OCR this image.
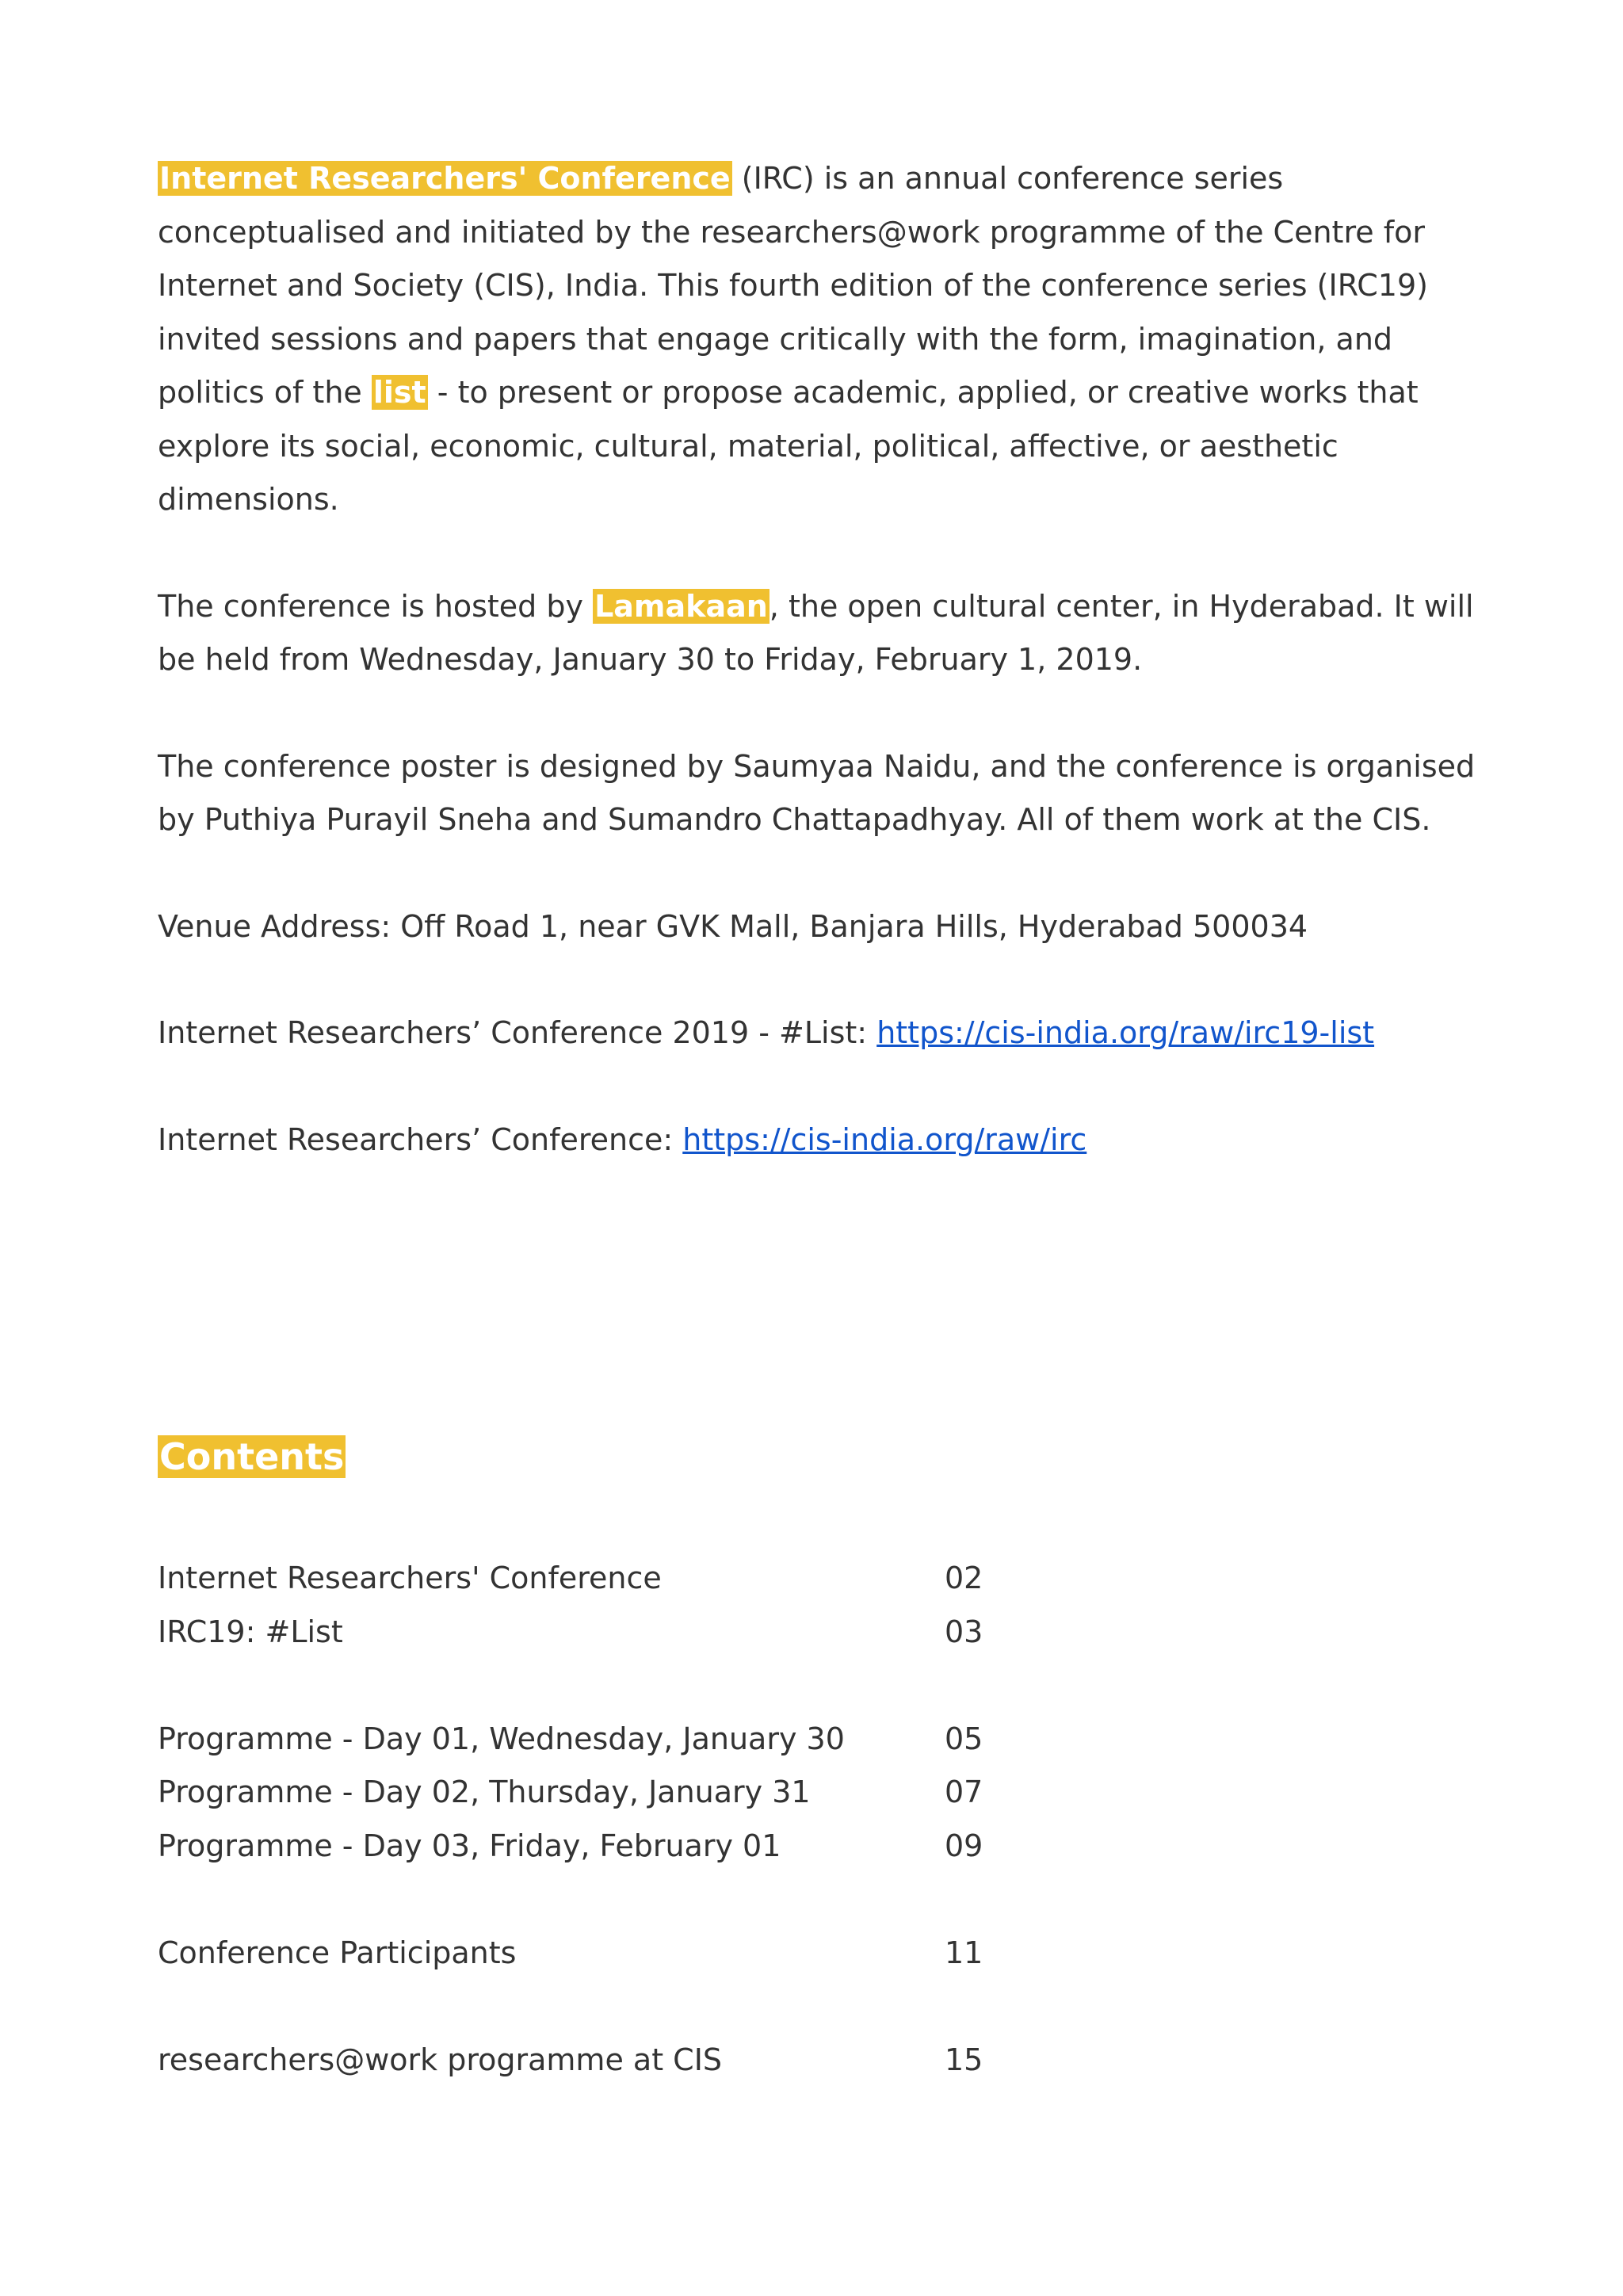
Internet Researchers' Conference (IRC) is an annual conference series conceptualised and initiated by the researchers@work programme of the Centre for Internet and Society (CIS), India. This fourth edition of the conference series (IRC19) invited sessions and papers that engage critically with the form, imagination, and politics of the list - to present or propose academic, applied, or creative works that explore its social, economic, cultural, material, political, affective, or aesthetic dimensions.

The conference is hosted by Lamakaan, the open cultural center, in Hyderabad. It will be held from Wednesday, January 30 to Friday, February 1, 2019.

The conference poster is designed by Saumyaa Naidu, and the conference is organised by Puthiya Purayil Sneha and Sumandro Chattapadhyay. All of them work at the CIS.

Venue Address: Off Road 1, near GVK Mall, Banjara Hills, Hyderabad 500034

Internet Researchers’ Conference 2019 - #List: https://cis-india.org/raw/irc19-list

Internet Researchers’ Conference: https://cis-india.org/raw/irc

Contents
Internet Researchers' Conference	02
IRC19: #List	03
Programme - Day 01, Wednesday, January 30	05
Programme - Day 02, Thursday, January 31	07
Programme - Day 03, Friday, February 01	09
Conference Participants	11
researchers@work programme at CIS	15
